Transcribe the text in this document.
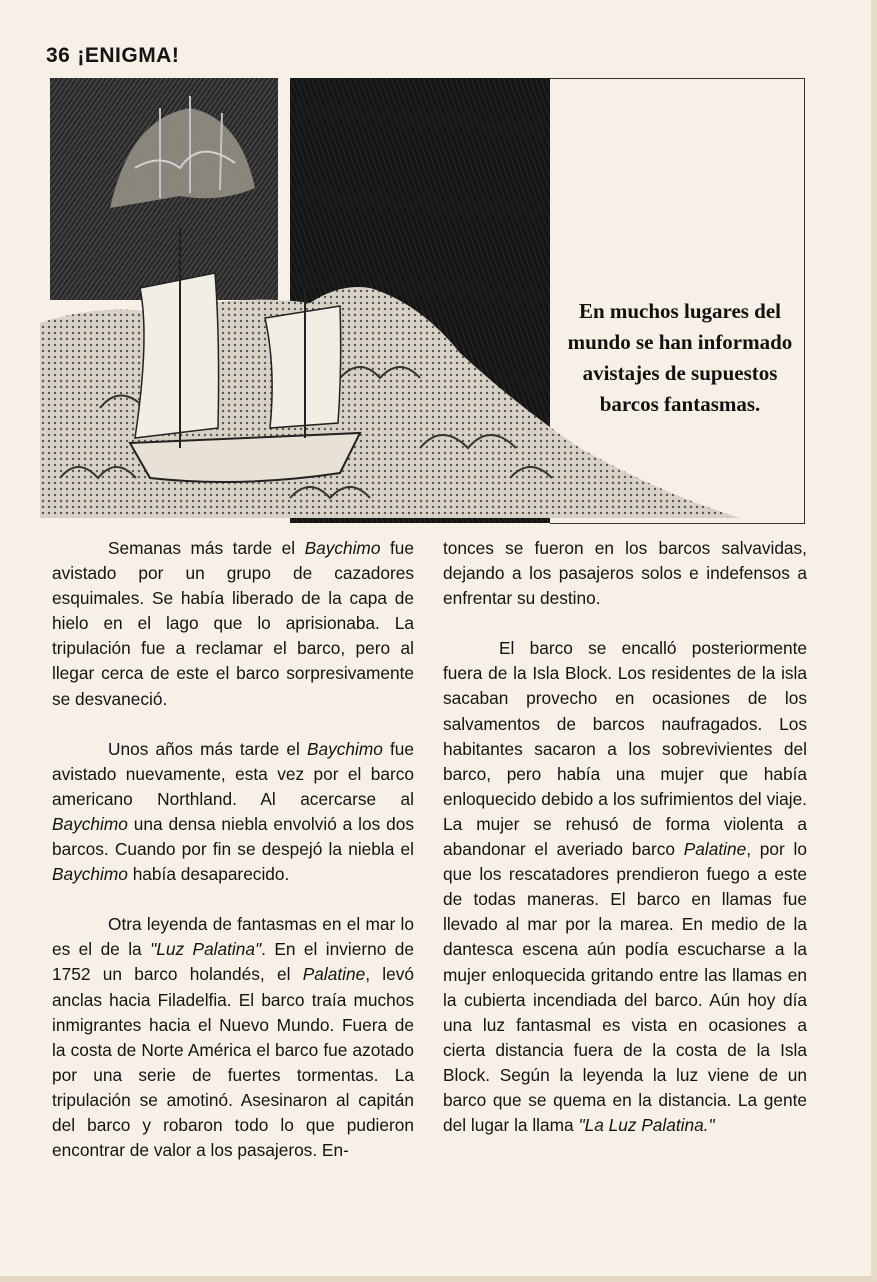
36 ¡ENIGMA!
En muchos lugares del mundo se han informado avistajes de supuestos barcos fantasmas.

Semanas más tarde el Baychimo fue avistado por un grupo de cazadores esquimales. Se había liberado de la capa de hielo en el lago que lo aprisionaba. La tripulación fue a reclamar el barco, pero al llegar cerca de este el barco sorpresivamente se desvaneció.

Unos años más tarde el Baychimo fue avistado nuevamente, esta vez por el barco americano Northland. Al acercarse al Baychimo una densa niebla envolvió a los dos barcos. Cuando por fin se despejó la niebla el Baychimo había desaparecido.

Otra leyenda de fantasmas en el mar lo es el de la "Luz Palatina". En el invierno de 1752 un barco holandés, el Palatine, levó anclas hacia Filadelfia. El barco traía muchos inmigrantes hacia el Nuevo Mundo. Fuera de la costa de Norte América el barco fue azotado por una serie de fuertes tormentas. La tripulación se amotinó. Asesinaron al capitán del barco y robaron todo lo que pudieron encontrar de valor a los pasajeros. En-

tonces se fueron en los barcos salvavidas, dejando a los pasajeros solos e indefensos a enfrentar su destino.

El barco se encalló posteriormente fuera de la Isla Block. Los residentes de la isla sacaban provecho en ocasiones de los salvamentos de barcos naufragados. Los habitantes sacaron a los sobrevivientes del barco, pero había una mujer que había enloquecido debido a los sufrimientos del viaje. La mujer se rehusó de forma violenta a abandonar el averiado barco Palatine, por lo que los rescatadores prendieron fuego a este de todas maneras. El barco en llamas fue llevado al mar por la marea. En medio de la dantesca escena aún podía escucharse a la mujer enloquecida gritando entre las llamas en la cubierta incendiada del barco. Aún hoy día una luz fantasmal es vista en ocasiones a cierta distancia fuera de la costa de la Isla Block. Según la leyenda la luz viene de un barco que se quema en la distancia. La gente del lugar la llama "La Luz Palatina."
